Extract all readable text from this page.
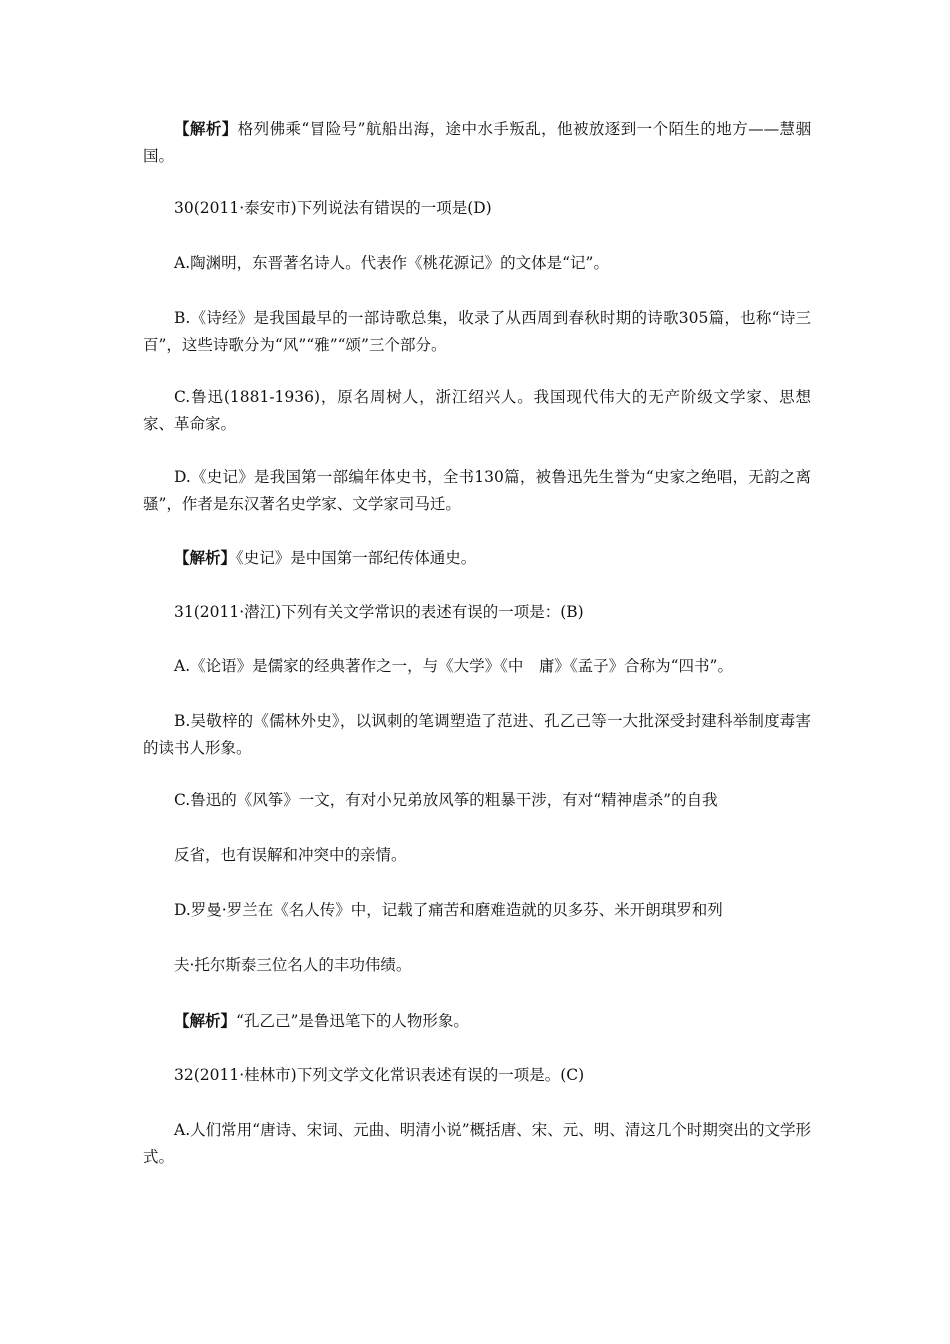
【解析】格列佛乘“冒险号”航船出海，途中水手叛乱，他被放逐到一个陌生的地方——慧骃国。

30(2011·泰安市)下列说法有错误的一项是(D)

A.陶渊明，东晋著名诗人。代表作《桃花源记》的文体是“记”。

B.《诗经》是我国最早的一部诗歌总集，收录了从西周到春秋时期的诗歌305篇，也称“诗三百”，这些诗歌分为“风”“雅”“颂”三个部分。

C.鲁迅(1881-1936)，原名周树人，浙江绍兴人。我国现代伟大的无产阶级文学家、思想家、革命家。

D.《史记》是我国第一部编年体史书，全书130篇，被鲁迅先生誉为“史家之绝唱，无韵之离骚”，作者是东汉著名史学家、文学家司马迁。

【解析】《史记》是中国第一部纪传体通史。

31(2011·潜江)下列有关文学常识的表述有误的一项是：(B)

A.《论语》是儒家的经典著作之一，与《大学》《中　庸》《孟子》合称为“四书”。

B.吴敬梓的《儒林外史》，以讽刺的笔调塑造了范进、孔乙己等一大批深受封建科举制度毒害的读书人形象。

C.鲁迅的《风筝》一文，有对小兄弟放风筝的粗暴干涉，有对“精神虐杀”的自我

反省，也有误解和冲突中的亲情。

D.罗曼·罗兰在《名人传》中，记载了痛苦和磨难造就的贝多芬、米开朗琪罗和列

夫·托尔斯泰三位名人的丰功伟绩。

【解析】“孔乙己”是鲁迅笔下的人物形象。

32(2011·桂林市)下列文学文化常识表述有误的一项是。(C)

A.人们常用“唐诗、宋词、元曲、明清小说”概括唐、宋、元、明、清这几个时期突出的文学形式。
